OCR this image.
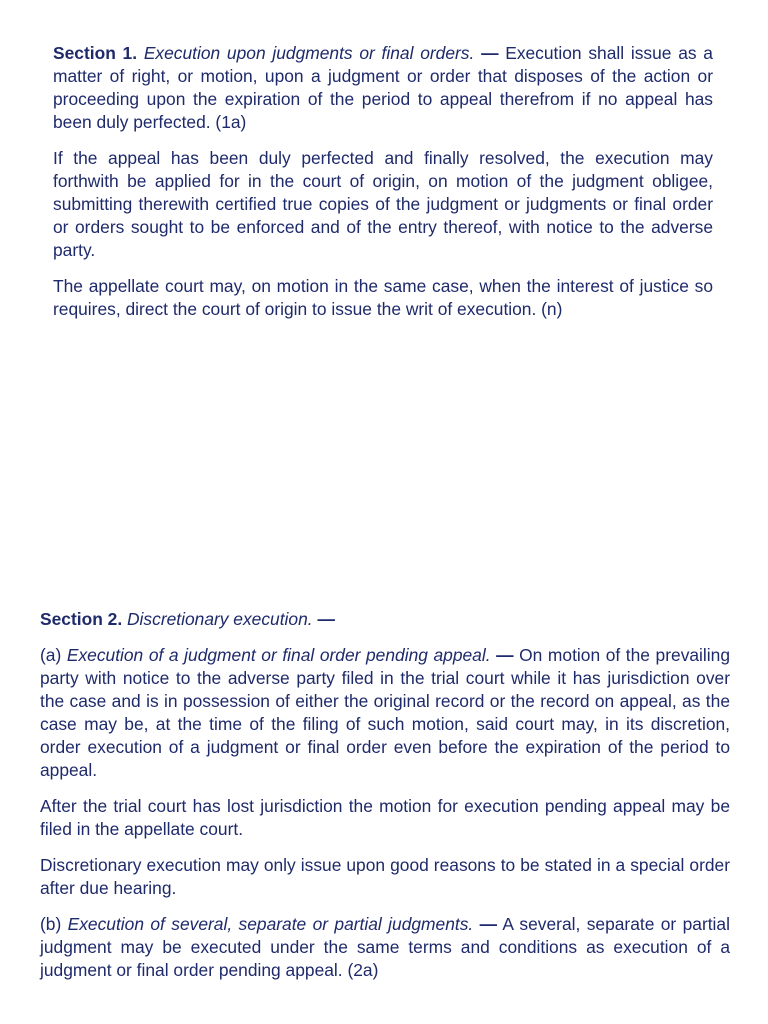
Section 1. Execution upon judgments or final orders. — Execution shall issue as a matter of right, or motion, upon a judgment or order that disposes of the action or proceeding upon the expiration of the period to appeal therefrom if no appeal has been duly perfected. (1a)

If the appeal has been duly perfected and finally resolved, the execution may forthwith be applied for in the court of origin, on motion of the judgment obligee, submitting therewith certified true copies of the judgment or judgments or final order or orders sought to be enforced and of the entry thereof, with notice to the adverse party.

The appellate court may, on motion in the same case, when the interest of justice so requires, direct the court of origin to issue the writ of execution. (n)

Section 2. Discretionary execution. —

(a) Execution of a judgment or final order pending appeal. — On motion of the prevailing party with notice to the adverse party filed in the trial court while it has jurisdiction over the case and is in possession of either the original record or the record on appeal, as the case may be, at the time of the filing of such motion, said court may, in its discretion, order execution of a judgment or final order even before the expiration of the period to appeal.

After the trial court has lost jurisdiction the motion for execution pending appeal may be filed in the appellate court.

Discretionary execution may only issue upon good reasons to be stated in a special order after due hearing.

(b) Execution of several, separate or partial judgments. — A several, separate or partial judgment may be executed under the same terms and conditions as execution of a judgment or final order pending appeal. (2a)
